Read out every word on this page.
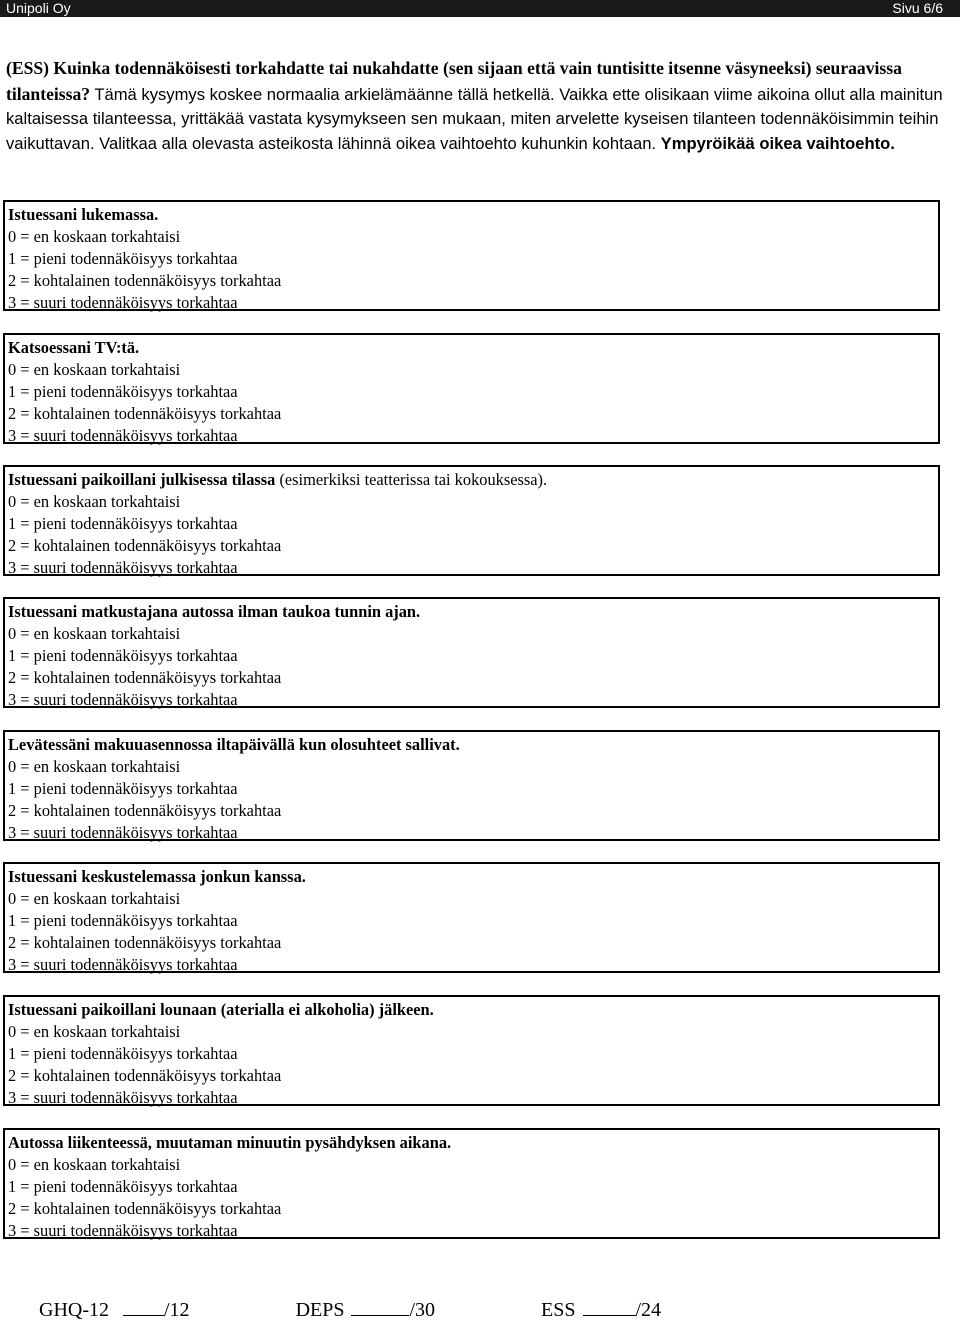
Unipoli Oy	Sivu 6/6
(ESS) Kuinka todennäköisesti torkahdatte tai nukahdatte (sen sijaan että vain tuntisitte itsenne väsyneeksi) seuraavissa tilanteissa? Tämä kysymys koskee normaalia arkielämäänne tällä hetkellä. Vaikka ette olisikaan viime aikoina ollut alla mainitun kaltaisessa tilanteessa, yrittäkää vastata kysymykseen sen mukaan, miten arvelette kyseisen tilanteen todennäköisimmin teihin vaikuttavan. Valitkaa alla olevasta asteikosta lähinnä oikea vaihtoehto kuhunkin kohtaan. Ympyröikää oikea vaihtoehto.
Istuessani lukemassa.
0 = en koskaan torkahtaisi
1 = pieni todennäköisyys torkahtaa
2 = kohtalainen todennäköisyys torkahtaa
3 = suuri todennäköisyys torkahtaa
Katsoessani TV:tä.
0 = en koskaan torkahtaisi
1 = pieni todennäköisyys torkahtaa
2 = kohtalainen todennäköisyys torkahtaa
3 = suuri todennäköisyys torkahtaa
Istuessani paikoillani julkisessa tilassa (esimerkiksi teatterissa tai kokouksessa).
0 = en koskaan torkahtaisi
1 = pieni todennäköisyys torkahtaa
2 = kohtalainen todennäköisyys torkahtaa
3 = suuri todennäköisyys torkahtaa
Istuessani matkustajana autossa ilman taukoa tunnin ajan.
0 = en koskaan torkahtaisi
1 = pieni todennäköisyys torkahtaa
2 = kohtalainen todennäköisyys torkahtaa
3 = suuri todennäköisyys torkahtaa
Levätessäni makuuasennossa iltapäivällä kun olosuhteet sallivat.
0 = en koskaan torkahtaisi
1 = pieni todennäköisyys torkahtaa
2 = kohtalainen todennäköisyys torkahtaa
3 = suuri todennäköisyys torkahtaa
Istuessani keskustelemassa jonkun kanssa.
0 = en koskaan torkahtaisi
1 = pieni todennäköisyys torkahtaa
2 = kohtalainen todennäköisyys torkahtaa
3 = suuri todennäköisyys torkahtaa
Istuessani paikoillani lounaan (aterialla ei alkoholia) jälkeen.
0 = en koskaan torkahtaisi
1 = pieni todennäköisyys torkahtaa
2 = kohtalainen todennäköisyys torkahtaa
3 = suuri todennäköisyys torkahtaa
Autossa liikenteessä, muutaman minuutin pysähdyksen aikana.
0 = en koskaan torkahtaisi
1 = pieni todennäköisyys torkahtaa
2 = kohtalainen todennäköisyys torkahtaa
3 = suuri todennäköisyys torkahtaa
GHQ-12	/12	DEPS	/30	ESS	/24
